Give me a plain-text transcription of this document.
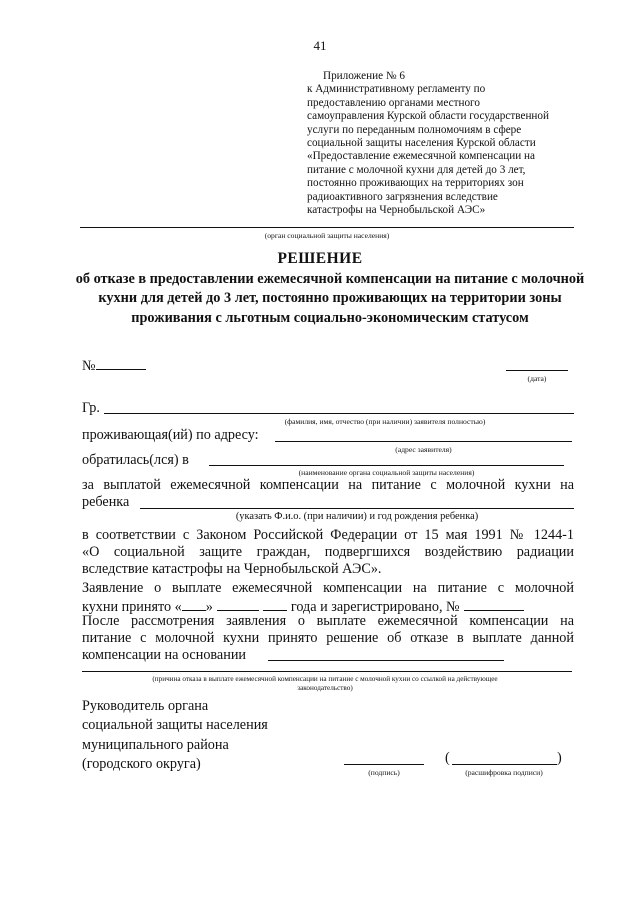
41
Приложение № 6
к Административному регламенту по
предоставлению органами местного
самоуправления Курской области государственной
услуги по переданным полномочиям в сфере
социальной защиты населения Курской области
«Предоставление ежемесячной компенсации на
питание с молочной кухни для детей до 3 лет,
постоянно проживающих на территориях зон
радиоактивного загрязнения вследствие
катастрофы на Чернобыльской АЭС»
(орган социальной защиты населения)
РЕШЕНИЕ
об отказе в предоставлении ежемесячной компенсации на питание с молочной кухни для детей до 3 лет, постоянно проживающих на территории зоны проживания с льготным социально-экономическим статусом
№
(дата)
Гр.
(фамилия, имя, отчество (при наличии) заявителя полностью)
проживающая(ий) по адресу:
(адрес заявителя)
обратилась(лся) в
(наименование органа социальной защиты населения)
за выплатой ежемесячной компенсации на питание с молочной кухни на
ребенка
(указать Ф.и.о. (при наличии) и год рождения ребенка)
в соответствии с Законом Российской Федерации от 15 мая 1991 № 1244-1
«О социальной защите граждан, подвергшихся воздействию радиации
вследствие катастрофы на Чернобыльской АЭС».
Заявление о выплате ежемесячной компенсации на питание с молочной
кухни принято « »	года и зарегистрировано, №
После рассмотрения заявления о выплате ежемесячной компенсации на
питание с молочной кухни принято решение об отказе в выплате данной
компенсации на основании
(причина отказа в выплате ежемесячной компенсации на питание с молочной кухни со ссылкой на действующее
законодательство)
Руководитель органа
социальной защиты населения
муниципального района
(городского округа)
(подпись)
(	)
(расшифровка подписи)
